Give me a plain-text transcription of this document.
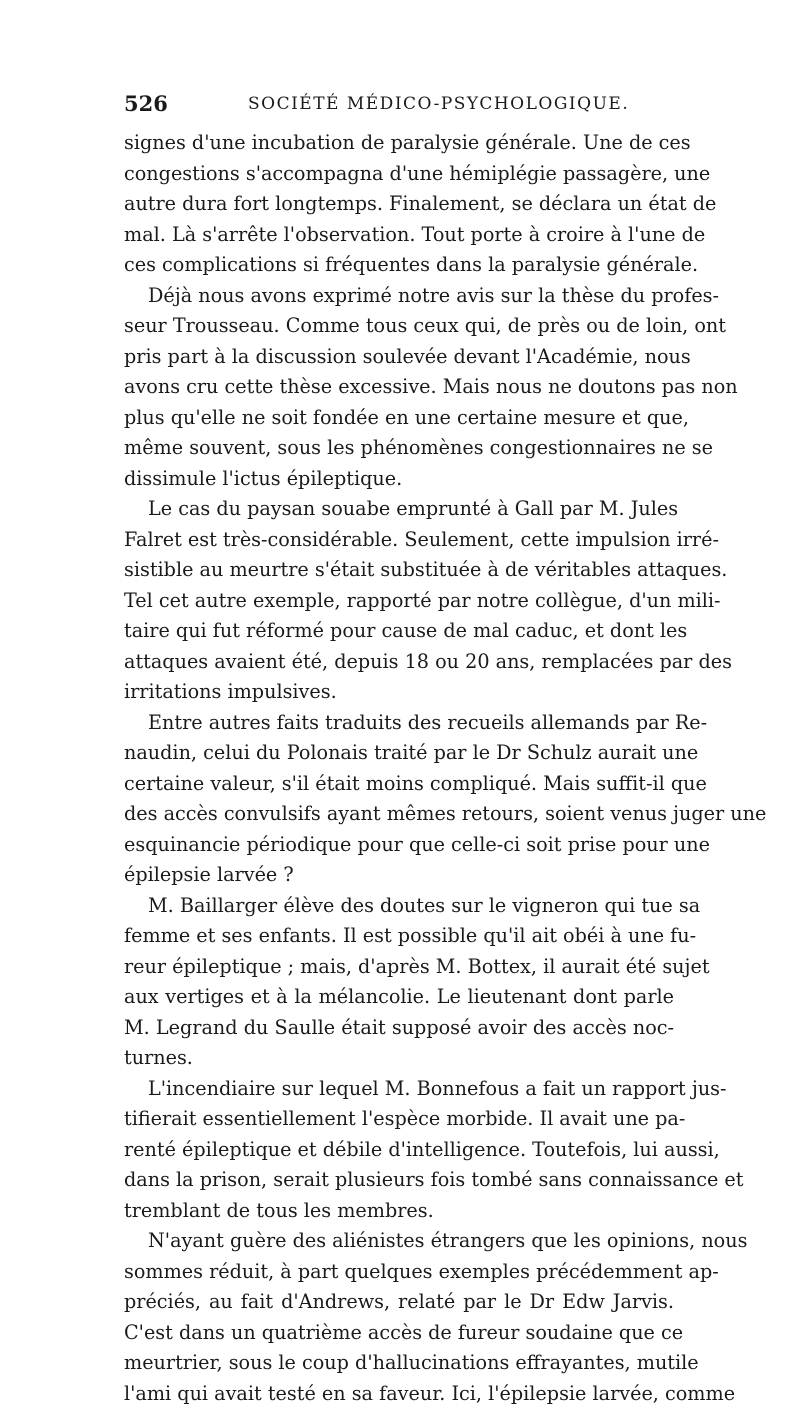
526	SOCIÉTÉ MÉDICO-PSYCHOLOGIQUE.
signes d'une incubation de paralysie générale. Une de ces
congestions s'accompagna d'une hémiplégie passagère, une
autre dura fort longtemps. Finalement, se déclara un état de
mal. Là s'arrête l'observation. Tout porte à croire à l'une de
ces complications si fréquentes dans la paralysie générale.
Déjà nous avons exprimé notre avis sur la thèse du profes-
seur Trousseau. Comme tous ceux qui, de près ou de loin, ont
pris part à la discussion soulevée devant l'Académie, nous
avons cru cette thèse excessive. Mais nous ne doutons pas non
plus qu'elle ne soit fondée en une certaine mesure et que,
même souvent, sous les phénomènes congestionnaires ne se
dissimule l'ictus épileptique.
Le cas du paysan souabe emprunté à Gall par M. Jules
Falret est très-considérable. Seulement, cette impulsion irré-
sistible au meurtre s'était substituée à de véritables attaques.
Tel cet autre exemple, rapporté par notre collègue, d'un mili-
taire qui fut réformé pour cause de mal caduc, et dont les
attaques avaient été, depuis 18 ou 20 ans, remplacées par des
irritations impulsives.
Entre autres faits traduits des recueils allemands par Re-
naudin, celui du Polonais traité par le Dr Schulz aurait une
certaine valeur, s'il était moins compliqué. Mais suffit-il que
des accès convulsifs ayant mêmes retours, soient venus juger une
esquinancie périodique pour que celle-ci soit prise pour une
épilepsie larvée ?
M. Baillarger élève des doutes sur le vigneron qui tue sa
femme et ses enfants. Il est possible qu'il ait obéi à une fu-
reur épileptique ; mais, d'après M. Bottex, il aurait été sujet
aux vertiges et à la mélancolie. Le lieutenant dont parle
M. Legrand du Saulle était supposé avoir des accès noc-
turnes.
L'incendiaire sur lequel M. Bonnefous a fait un rapport jus-
tifierait essentiellement l'espèce morbide. Il avait une pa-
renté épileptique et débile d'intelligence. Toutefois, lui aussi,
dans la prison, serait plusieurs fois tombé sans connaissance et
tremblant de tous les membres.
N'ayant guère des aliénistes étrangers que les opinions, nous
sommes réduit, à part quelques exemples précédemment ap-
préciés, au fait d'Andrews, relaté par le Dr Edw Jarvis.
C'est dans un quatrième accès de fureur soudaine que ce
meurtrier, sous le coup d'hallucinations effrayantes, mutile
l'ami qui avait testé en sa faveur. Ici, l'épilepsie larvée, comme
